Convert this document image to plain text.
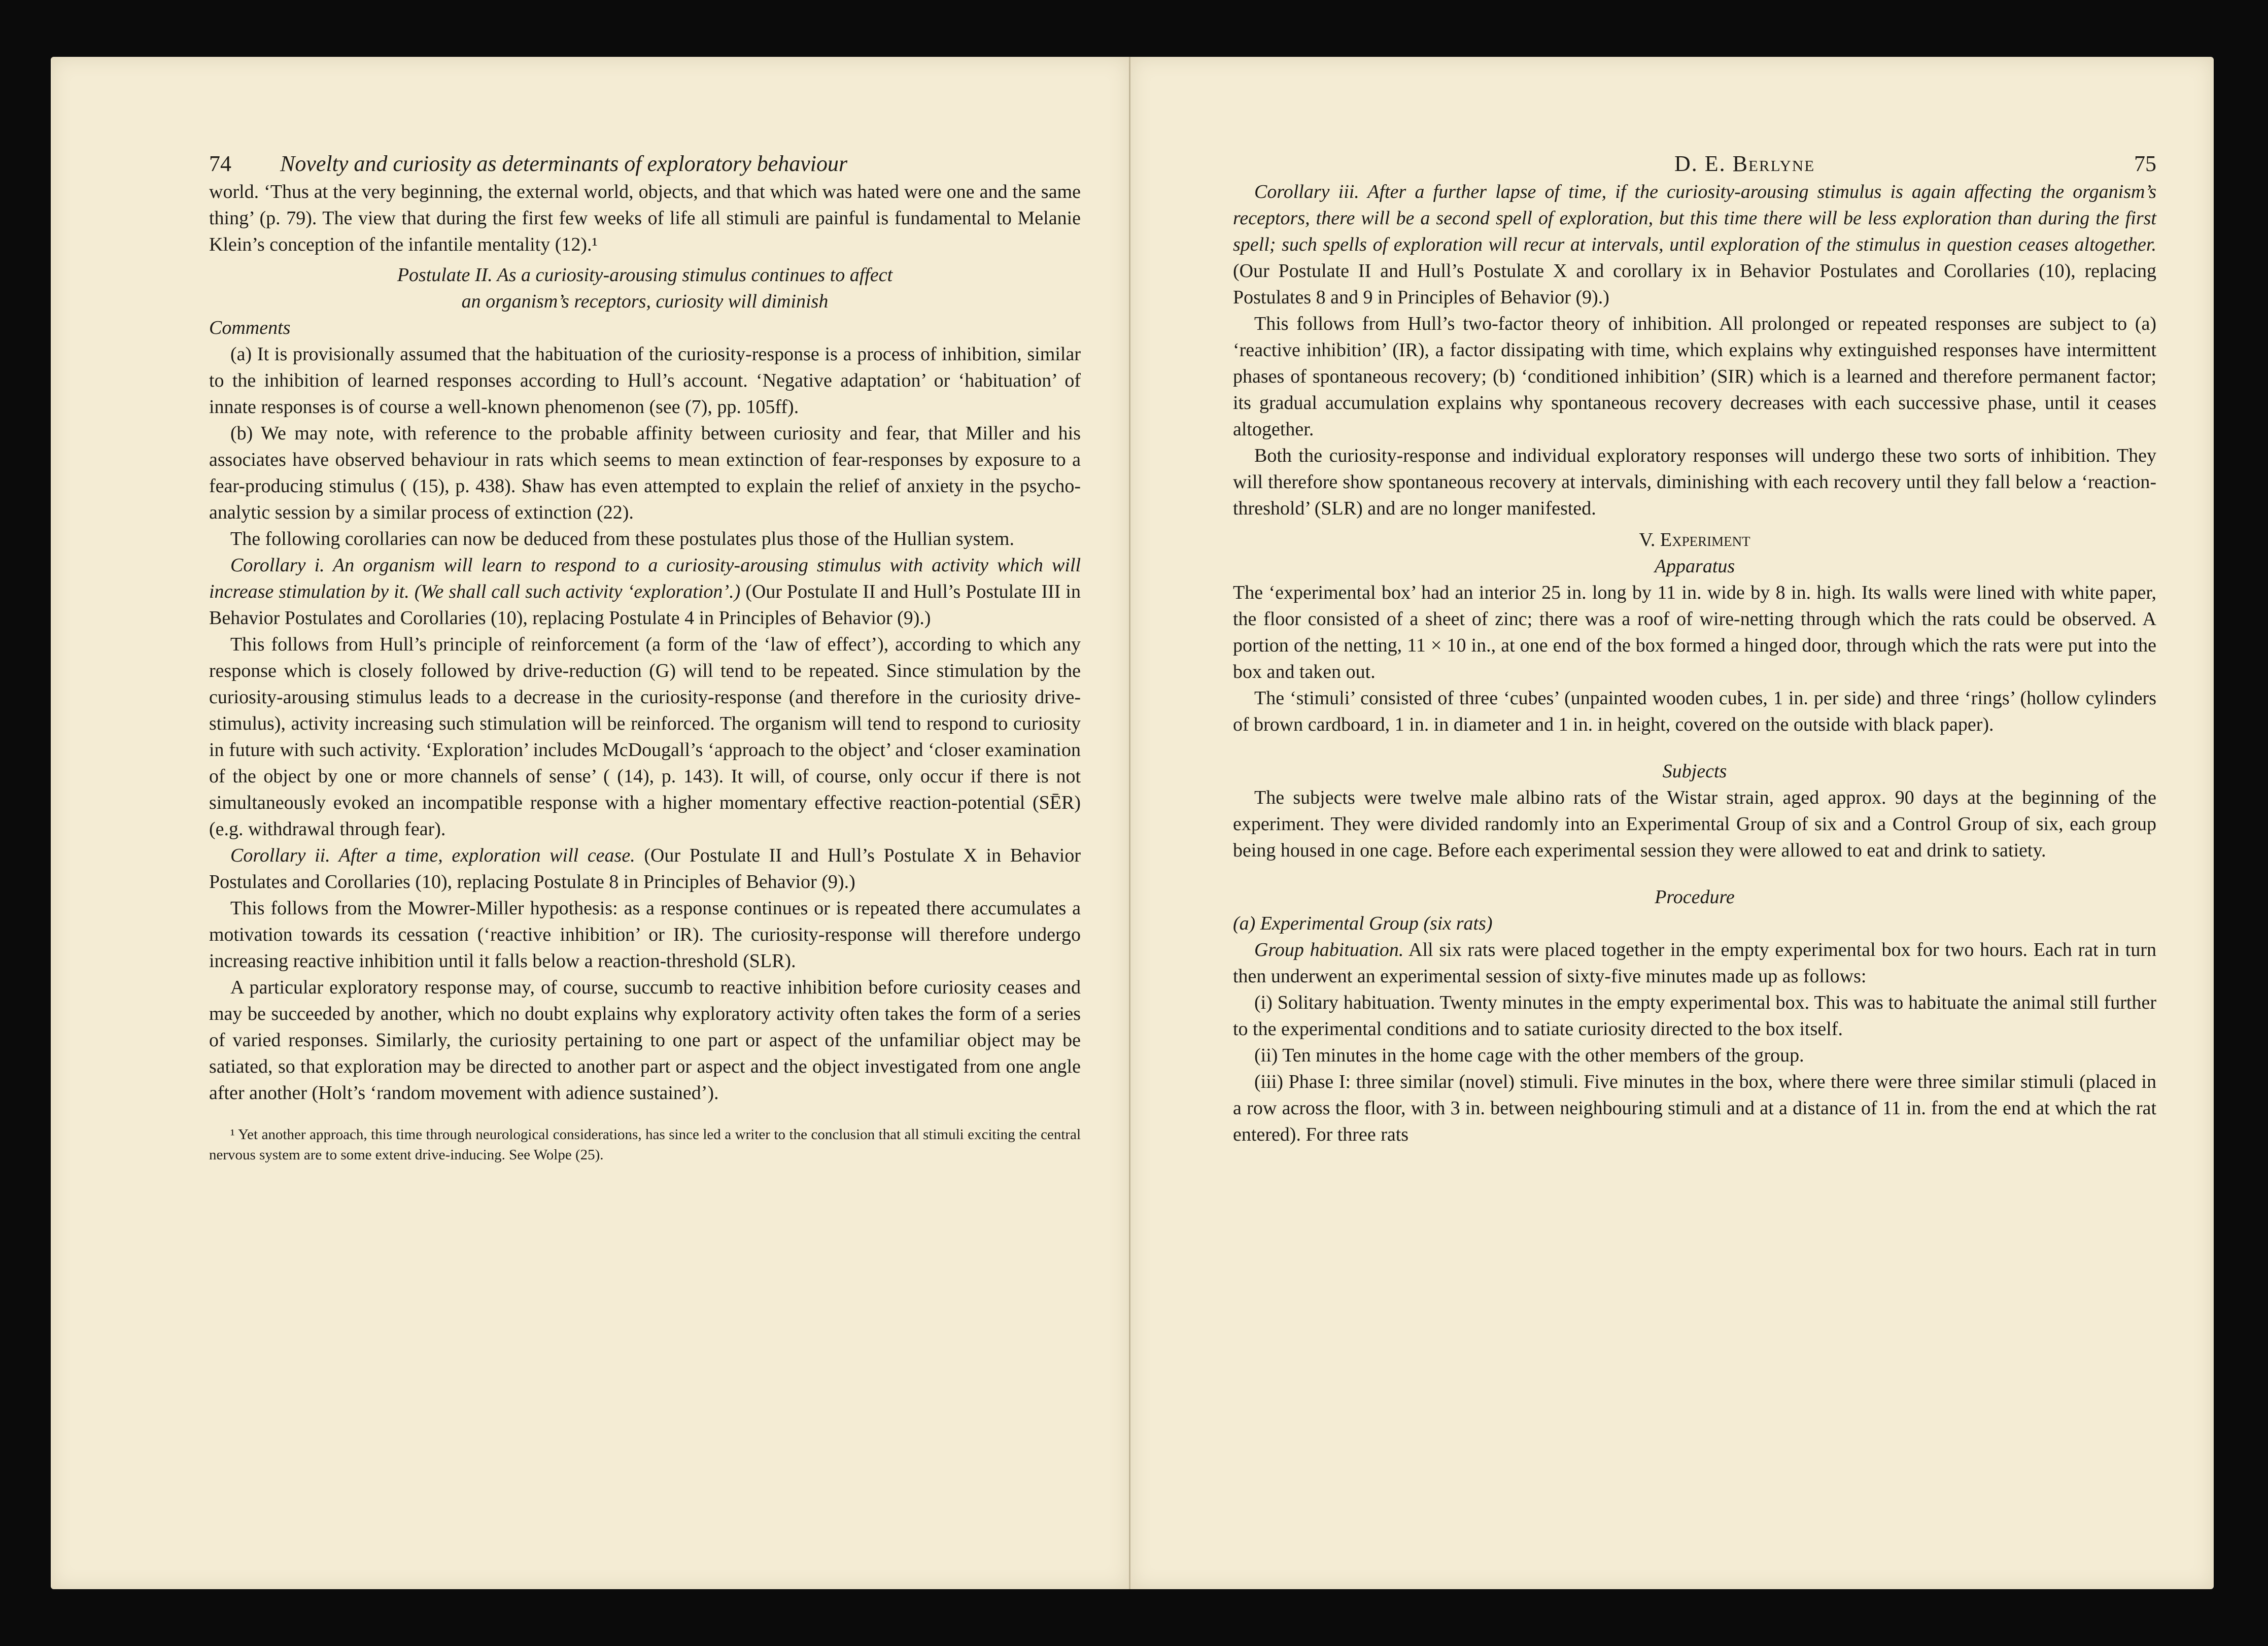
74 Novelty and curiosity as determinants of exploratory behaviour

world. ‘Thus at the very beginning, the external world, objects, and that which was hated were one and the same thing’ (p. 79). The view that during the first few weeks of life all stimuli are painful is fundamental to Melanie Klein’s conception of the infantile mentality (12).¹

Postulate II. As a curiosity-arousing stimulus continues to affect

an organism’s receptors, curiosity will diminish

Comments

(a) It is provisionally assumed that the habituation of the curiosity-response is a process of inhibition, similar to the inhibition of learned responses according to Hull’s account. ‘Negative adaptation’ or ‘habituation’ of innate responses is of course a well-known phenomenon (see (7), pp. 105ff).

(b) We may note, with reference to the probable affinity between curiosity and fear, that Miller and his associates have observed behaviour in rats which seems to mean extinction of fear-responses by exposure to a fear-producing stimulus ( (15), p. 438). Shaw has even attempted to explain the relief of anxiety in the psycho-analytic session by a similar process of extinction (22).

The following corollaries can now be deduced from these postulates plus those of the Hullian system.

Corollary i. An organism will learn to respond to a curiosity-arousing stimulus with activity which will increase stimulation by it. (We shall call such activity ‘exploration’.) (Our Postulate II and Hull’s Postulate III in Behavior Postulates and Corollaries (10), replacing Postulate 4 in Principles of Behavior (9).)

This follows from Hull’s principle of reinforcement (a form of the ‘law of effect’), according to which any response which is closely followed by drive-reduction (G) will tend to be repeated. Since stimulation by the curiosity-arousing stimulus leads to a decrease in the curiosity-response (and therefore in the curiosity drive-stimulus), activity increasing such stimulation will be reinforced. The organism will tend to respond to curiosity in future with such activity. ‘Exploration’ includes McDougall’s ‘approach to the object’ and ‘closer examination of the object by one or more channels of sense’ ( (14), p. 143). It will, of course, only occur if there is not simultaneously evoked an incompatible response with a higher momentary effective reaction-potential (SĒR) (e.g. withdrawal through fear).

Corollary ii. After a time, exploration will cease. (Our Postulate II and Hull’s Postulate X in Behavior Postulates and Corollaries (10), replacing Postulate 8 in Principles of Behavior (9).)

This follows from the Mowrer-Miller hypothesis: as a response continues or is repeated there accumulates a motivation towards its cessation (‘reactive inhibition’ or IR). The curiosity-response will therefore undergo increasing reactive inhibition until it falls below a reaction-threshold (SLR).

A particular exploratory response may, of course, succumb to reactive inhibition before curiosity ceases and may be succeeded by another, which no doubt explains why exploratory activity often takes the form of a series of varied responses. Similarly, the curiosity pertaining to one part or aspect of the unfamiliar object may be satiated, so that exploration may be directed to another part or aspect and the object investigated from one angle after another (Holt’s ‘random movement with adience sustained’).

¹ Yet another approach, this time through neurological considerations, has since led a writer to the conclusion that all stimuli exciting the central nervous system are to some extent drive-inducing. See Wolpe (25).

D. E. Berlyne	75

Corollary iii. After a further lapse of time, if the curiosity-arousing stimulus is again affecting the organism’s receptors, there will be a second spell of exploration, but this time there will be less exploration than during the first spell; such spells of exploration will recur at intervals, until exploration of the stimulus in question ceases altogether. (Our Postulate II and Hull’s Postulate X and corollary ix in Behavior Postulates and Corollaries (10), replacing Postulates 8 and 9 in Principles of Behavior (9).)

This follows from Hull’s two-factor theory of inhibition. All prolonged or repeated responses are subject to (a) ‘reactive inhibition’ (IR), a factor dissipating with time, which explains why extinguished responses have intermittent phases of spontaneous recovery; (b) ‘conditioned inhibition’ (SIR) which is a learned and therefore permanent factor; its gradual accumulation explains why spontaneous recovery decreases with each successive phase, until it ceases altogether.

Both the curiosity-response and individual exploratory responses will undergo these two sorts of inhibition. They will therefore show spontaneous recovery at intervals, diminishing with each recovery until they fall below a ‘reaction-threshold’ (SLR) and are no longer manifested.

V. Experiment

Apparatus

The ‘experimental box’ had an interior 25 in. long by 11 in. wide by 8 in. high. Its walls were lined with white paper, the floor consisted of a sheet of zinc; there was a roof of wire-netting through which the rats could be observed. A portion of the netting, 11 × 10 in., at one end of the box formed a hinged door, through which the rats were put into the box and taken out.

The ‘stimuli’ consisted of three ‘cubes’ (unpainted wooden cubes, 1 in. per side) and three ‘rings’ (hollow cylinders of brown cardboard, 1 in. in diameter and 1 in. in height, covered on the outside with black paper).

Subjects

The subjects were twelve male albino rats of the Wistar strain, aged approx. 90 days at the beginning of the experiment. They were divided randomly into an Experimental Group of six and a Control Group of six, each group being housed in one cage. Before each experimental session they were allowed to eat and drink to satiety.

Procedure

(a) Experimental Group (six rats)

Group habituation. All six rats were placed together in the empty experimental box for two hours. Each rat in turn then underwent an experimental session of sixty-five minutes made up as follows:

(i) Solitary habituation. Twenty minutes in the empty experimental box. This was to habituate the animal still further to the experimental conditions and to satiate curiosity directed to the box itself.

(ii) Ten minutes in the home cage with the other members of the group.

(iii) Phase I: three similar (novel) stimuli. Five minutes in the box, where there were three similar stimuli (placed in a row across the floor, with 3 in. between neighbouring stimuli and at a distance of 11 in. from the end at which the rat entered). For three rats
